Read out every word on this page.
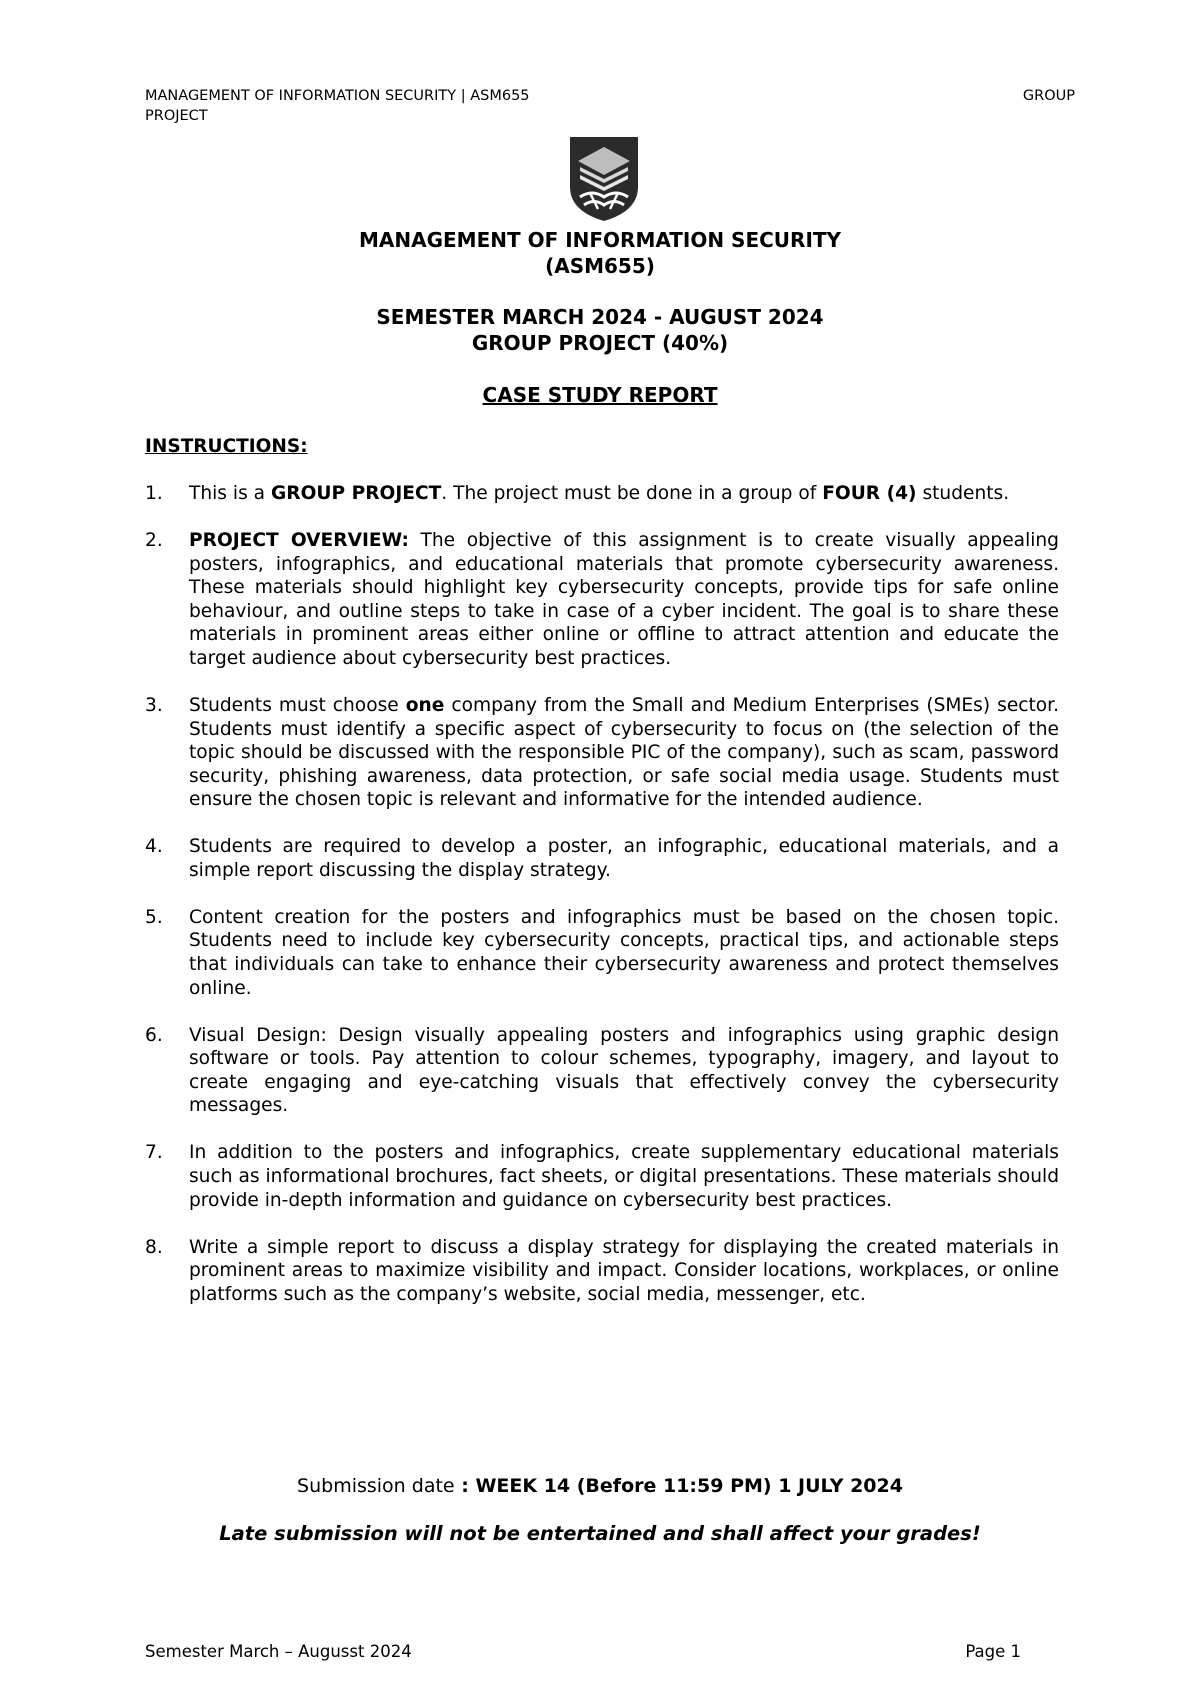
GROUP
MANAGEMENT OF INFORMATION SECURITY | ASM655
PROJECT
MANAGEMENT OF INFORMATION SECURITY
(ASM655)
SEMESTER MARCH 2024 - AUGUST 2024
GROUP PROJECT (40%)
CASE STUDY REPORT
INSTRUCTIONS:
1. This is a GROUP PROJECT. The project must be done in a group of FOUR (4) students.
2. PROJECT OVERVIEW: The objective of this assignment is to create visually appealing posters, infographics, and educational materials that promote cybersecurity awareness. These materials should highlight key cybersecurity concepts, provide tips for safe online behaviour, and outline steps to take in case of a cyber incident. The goal is to share these materials in prominent areas either online or offline to attract attention and educate the target audience about cybersecurity best practices.
3. Students must choose one company from the Small and Medium Enterprises (SMEs) sector. Students must identify a specific aspect of cybersecurity to focus on (the selection of the topic should be discussed with the responsible PIC of the company), such as scam, password security, phishing awareness, data protection, or safe social media usage. Students must ensure the chosen topic is relevant and informative for the intended audience.
4. Students are required to develop a poster, an infographic, educational materials, and a simple report discussing the display strategy.
5. Content creation for the posters and infographics must be based on the chosen topic. Students need to include key cybersecurity concepts, practical tips, and actionable steps that individuals can take to enhance their cybersecurity awareness and protect themselves online.
6. Visual Design: Design visually appealing posters and infographics using graphic design software or tools. Pay attention to colour schemes, typography, imagery, and layout to create engaging and eye-catching visuals that effectively convey the cybersecurity messages.
7. In addition to the posters and infographics, create supplementary educational materials such as informational brochures, fact sheets, or digital presentations. These materials should provide in-depth information and guidance on cybersecurity best practices.
8. Write a simple report to discuss a display strategy for displaying the created materials in prominent areas to maximize visibility and impact. Consider locations, workplaces, or online platforms such as the company’s website, social media, messenger, etc.
Submission date : WEEK 14 (Before 11:59 PM) 1 JULY 2024
Late submission will not be entertained and shall affect your grades!
Page 1
Semester March – Augusst 2024
